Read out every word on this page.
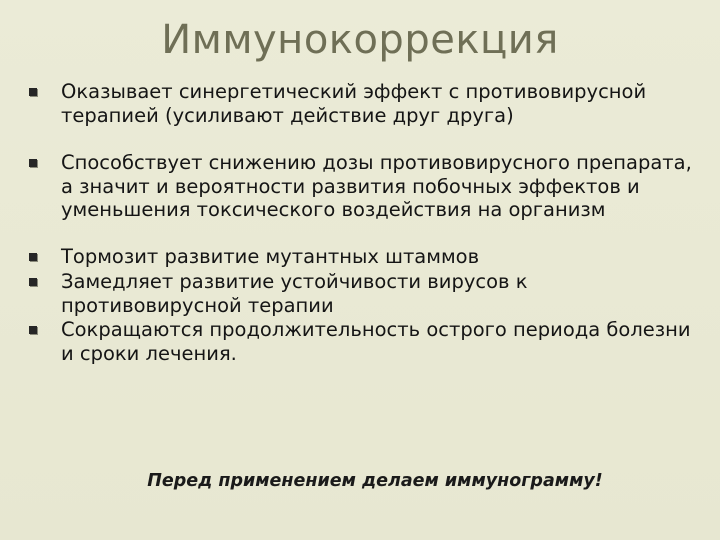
Иммунокоррекция
Оказывает синергетический эффект с противовирусной терапией (усиливают действие друг друга)
Способствует снижению дозы противовирусного препарата, а значит и вероятности развития побочных эффектов и уменьшения токсического воздействия на организм
Тормозит развитие мутантных штаммов
Замедляет развитие устойчивости вирусов к противовирусной терапии
Сокращаются продолжительность острого периода болезни и сроки лечения.
Перед применением делаем иммунограмму!
